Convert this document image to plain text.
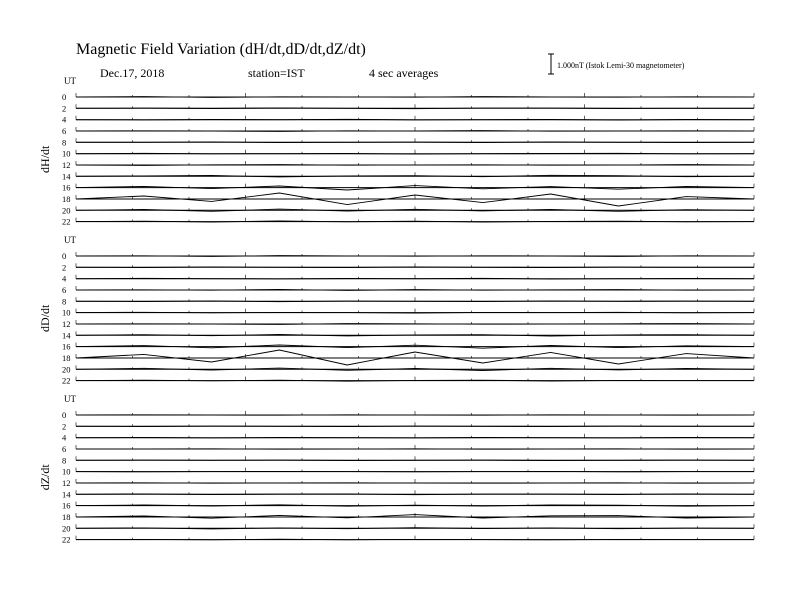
Magnetic Field Variation (dH/dt,dD/dt,dZ/dt)
Dec.17, 2018	station=IST	4 sec averages
1.000nT (Istok Lemi-30 magnetometer)
UT
dH/dt
0
2
4
6
8
10
12
14
16
18
20
22
UT
dD/dt
0
2
4
6
8
10
12
14
16
18
20
22
UT
dZ/dt
0
2
4
6
8
10
12
14
16
18
20
22
